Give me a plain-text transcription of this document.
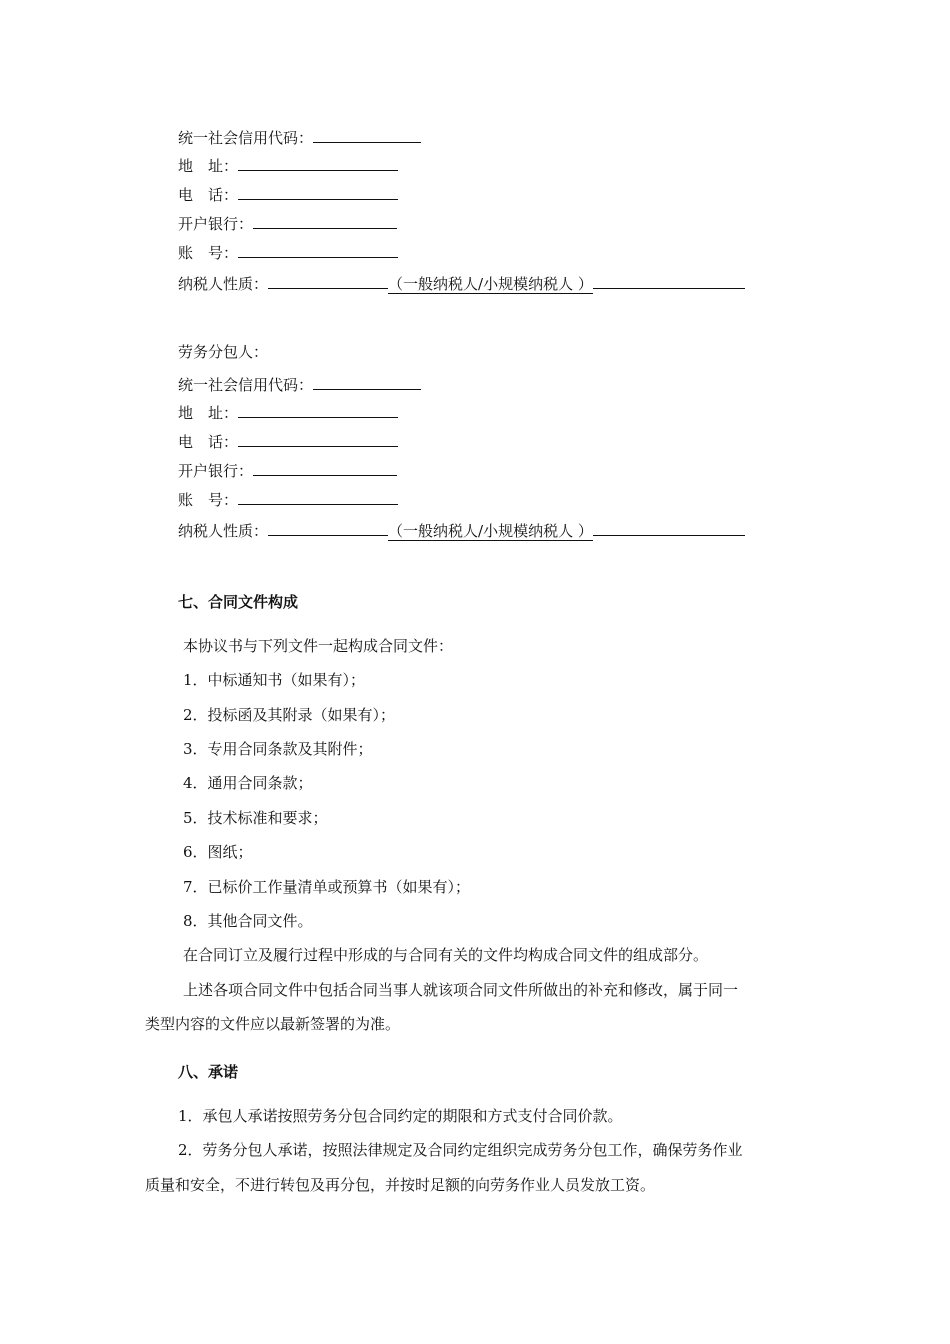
统一社会信用代码：
地　址：
电　话：
开户银行：
账　号：
纳税人性质：	（一般纳税人/小规模纳税人 ）
劳务分包人：
统一社会信用代码：
地　址：
电　话：
开户银行：
账　号：
纳税人性质：	（一般纳税人/小规模纳税人 ）
七、合同文件构成
本协议书与下列文件一起构成合同文件：
1．中标通知书（如果有）；
2．投标函及其附录（如果有）；
3．专用合同条款及其附件；
4．通用合同条款；
5．技术标准和要求；
6．图纸；
7．已标价工作量清单或预算书（如果有）；
8．其他合同文件。
在合同订立及履行过程中形成的与合同有关的文件均构成合同文件的组成部分。
上述各项合同文件中包括合同当事人就该项合同文件所做出的补充和修改，属于同一
类型内容的文件应以最新签署的为准。
八、承诺
1．承包人承诺按照劳务分包合同约定的期限和方式支付合同价款。
2．劳务分包人承诺，按照法律规定及合同约定组织完成劳务分包工作，确保劳务作业
质量和安全，不进行转包及再分包，并按时足额的向劳务作业人员发放工资。
